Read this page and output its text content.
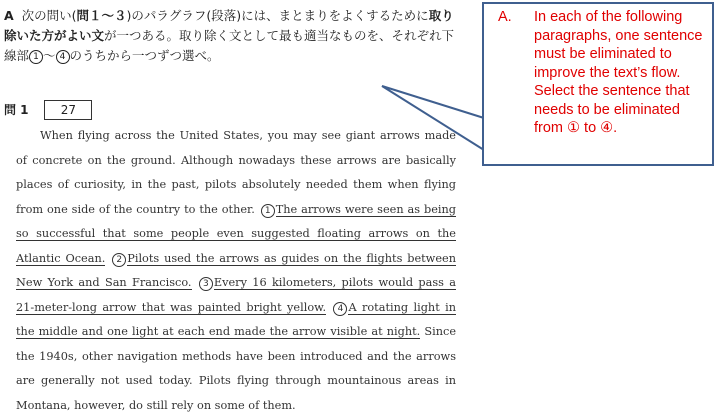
A 次の問い(問１〜３)のパラグラフ(段落)には、まとまりをよくするために取り除いた方がよい文が一つある。取り除く文として最も適当なものを、それぞれ下線部 1 〜 4 のうちから一つずつ選べ。
問 1	27
When flying across the United States, you may see giant arrows made of concrete on the ground. Although nowadays these arrows are basically places of curiosity, in the past, pilots absolutely needed them when flying from one side of the country to the other. 1 The arrows were seen as being so successful that some people even suggested floating arrows on the Atlantic Ocean. 2 Pilots used the arrows as guides on the flights between New York and San Francisco. 3 Every 16 kilometers, pilots would pass a 21-meter-long arrow that was painted bright yellow. 4 A rotating light in the middle and one light at each end made the arrow visible at night. Since the 1940s, other navigation methods have been introduced and the arrows are generally not used today. Pilots flying through mountainous areas in Montana, however, do still rely on some of them.
A. In each of the following paragraphs, one sentence must be eliminated to improve the text’s flow. Select the sentence that needs to be eliminated from ① to ④.
